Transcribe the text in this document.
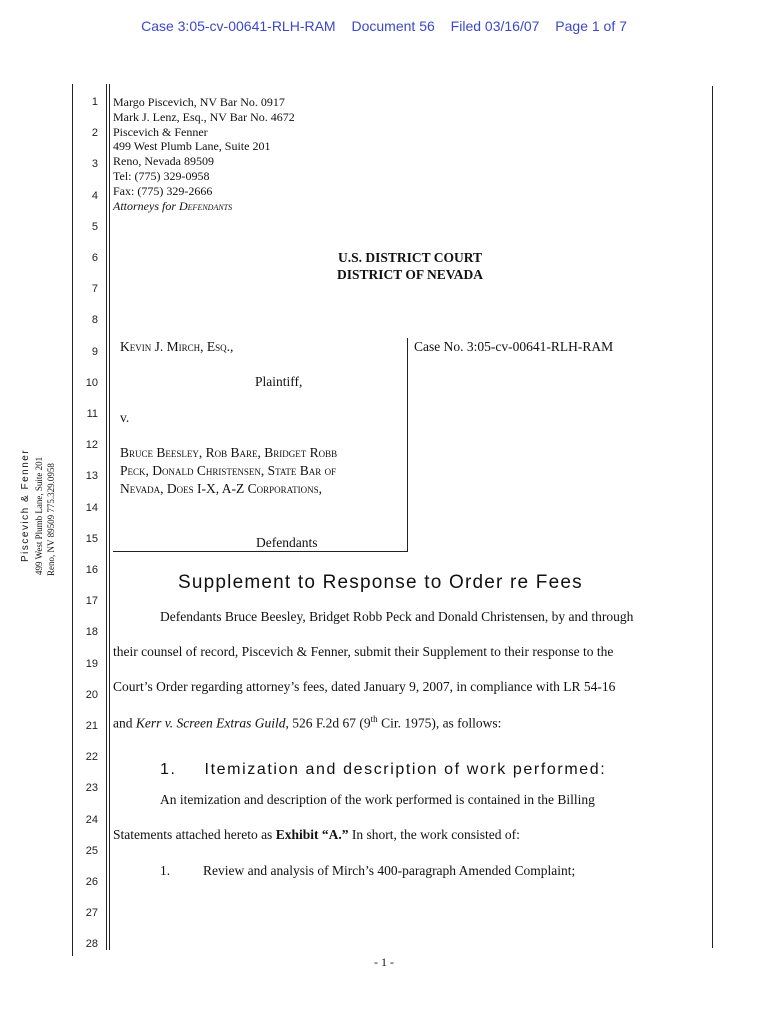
Case 3:05-cv-00641-RLH-RAM Document 56 Filed 03/16/07 Page 1 of 7
Piscevich & Fenner 499 West Plumb Lane, Suite 201 Reno, NV 89509 775.329.0958
1
2
3
4
5
6
7
8
9
10
11
12
13
14
15
16
17
18
19
20
21
22
23
24
25
26
27
28
Margo Piscevich, NV Bar No. 0917
Mark J. Lenz, Esq., NV Bar No. 4672
Piscevich & Fenner
499 West Plumb Lane, Suite 201
Reno, Nevada 89509
Tel: (775) 329-0958
Fax: (775) 329-2666
Attorneys for Defendants
U.S. DISTRICT COURT
DISTRICT OF NEVADA
Kevin J. Mirch, Esq.,
Plaintiff,
v.
Bruce Beesley, Rob Bare, Bridget Robb
Peck, Donald Christensen, State Bar of
Nevada, Does I-X, A-Z Corporations,
Defendants
Case No. 3:05-cv-00641-RLH-RAM
Supplement to Response to Order re Fees
Defendants Bruce Beesley, Bridget Robb Peck and Donald Christensen, by and through
their counsel of record, Piscevich & Fenner, submit their Supplement to their response to the
Court’s Order regarding attorney’s fees, dated January 9, 2007, in compliance with LR 54-16
and Kerr v. Screen Extras Guild, 526 F.2d 67 (9th Cir. 1975), as follows:
1. Itemization and description of work performed:
An itemization and description of the work performed is contained in the Billing
Statements attached hereto as Exhibit “A.” In short, the work consisted of:
1. Review and analysis of Mirch’s 400-paragraph Amended Complaint;
- 1 -
